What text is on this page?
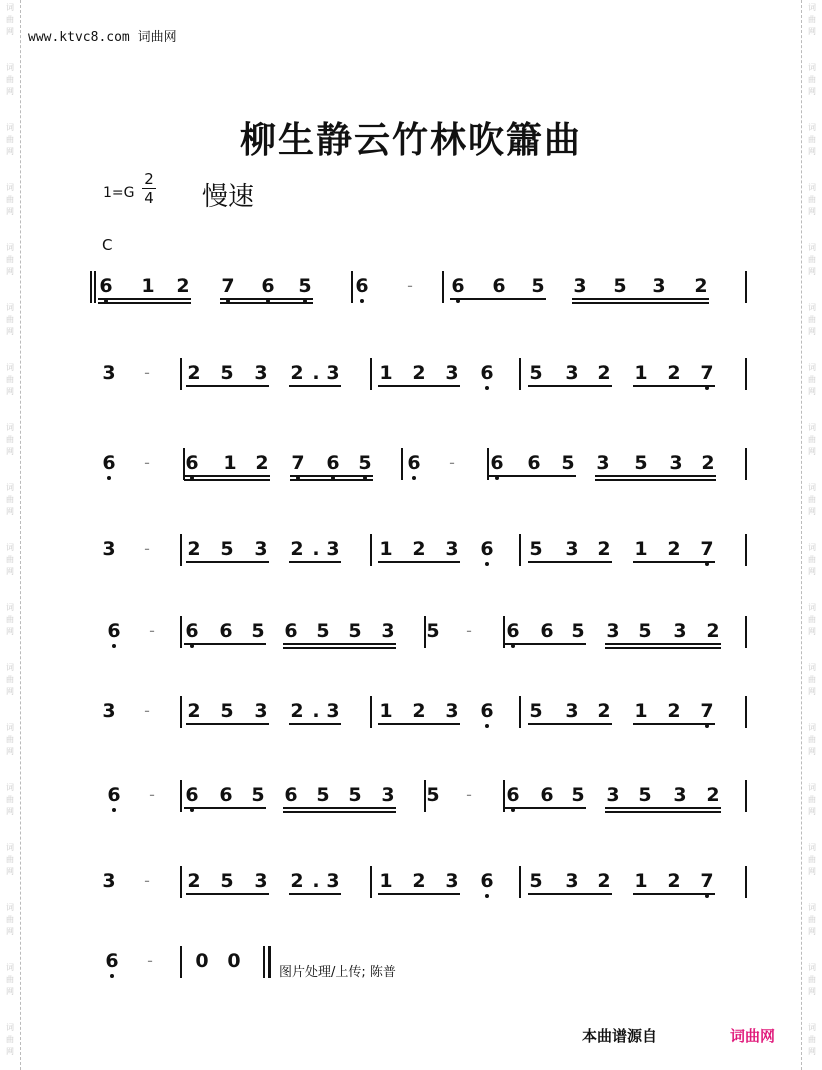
词
曲
网
词
曲
网
词
曲
网
词
曲
网
词
曲
网
词
曲
网
词
曲
网
词
曲
网
词
曲
网
词
曲
网
词
曲
网
词
曲
网
词
曲
网
词
曲
网
词
曲
网
词
曲
网
词
曲
网
词
曲
网
词
曲
网
词
曲
网
词
曲
网
词
曲
网
词
曲
网
词
曲
网
词
曲
网
词
曲
网
词
曲
网
词
曲
网
词
曲
网
词
曲
网
词
曲
网
词
曲
网
词
曲
网
词
曲
网
词
曲
网
词
曲
网
www.ktvc8.com 词曲网
柳生静云竹林吹簫曲
1=G
2
4 慢速
C
6 1 2 7 6 5 6	- 6 6 5 3 5 3 2
3	- 2 5 3 2 . 3 1 2 3 6 5 3 2 1 2 7
6	- 6 1 2 7 6 5 6	- 6 6 5 3 5 3 2
3	- 2 5 3 2 . 3 1 2 3 6 5 3 2 1 2 7
6	- 6 6 5 6 5 5 3 5	- 6 6 5 3 5 3 2
3	- 2 5 3 2 . 3 1 2 3 6 5 3 2 1 2 7
6	- 6 6 5 6 5 5 3 5	- 6 6 5 3 5 3 2
3	- 2 5 3 2 . 3 1 2 3 6 5 3 2 1 2 7
6	- 0 0
图片处理/上传; 陈普
本曲谱源自	词曲网
